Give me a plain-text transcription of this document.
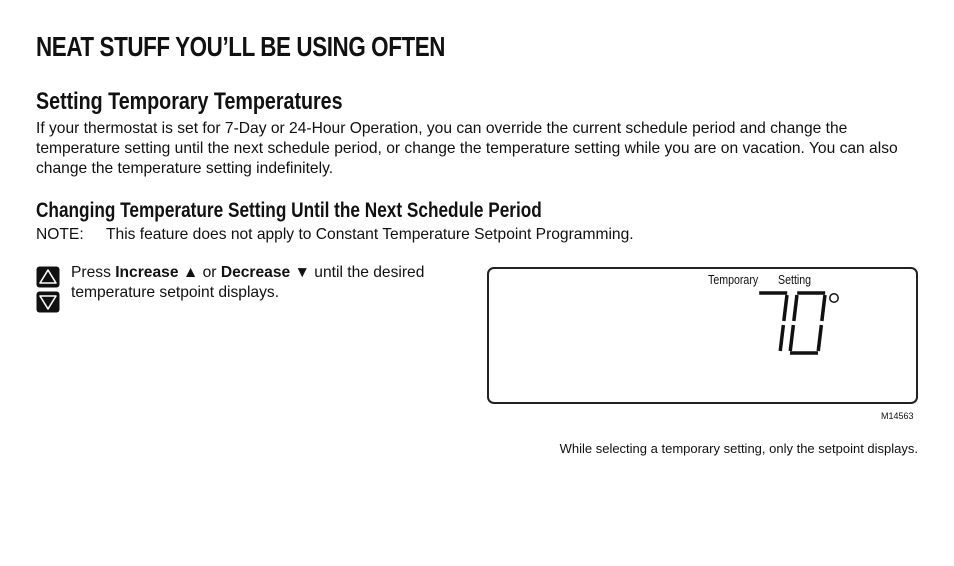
NEAT STUFF YOU’LL BE USING OFTEN
Setting Temporary Temperatures

If your thermostat is set for 7-Day or 24-Hour Operation, you can override the current schedule period and change the temperature setting until the next schedule period, or change the temperature setting while you are on vacation. You can also change the temperature setting indefinitely.

Changing Temperature Setting Until the Next Schedule Period
NOTE: This feature does not apply to Constant Temperature Setpoint Programming.

Press Increase ▲ or Decrease ▼ until the desired temperature setpoint displays.

Temporary Setting
M14563
While selecting a temporary setting, only the setpoint displays.
